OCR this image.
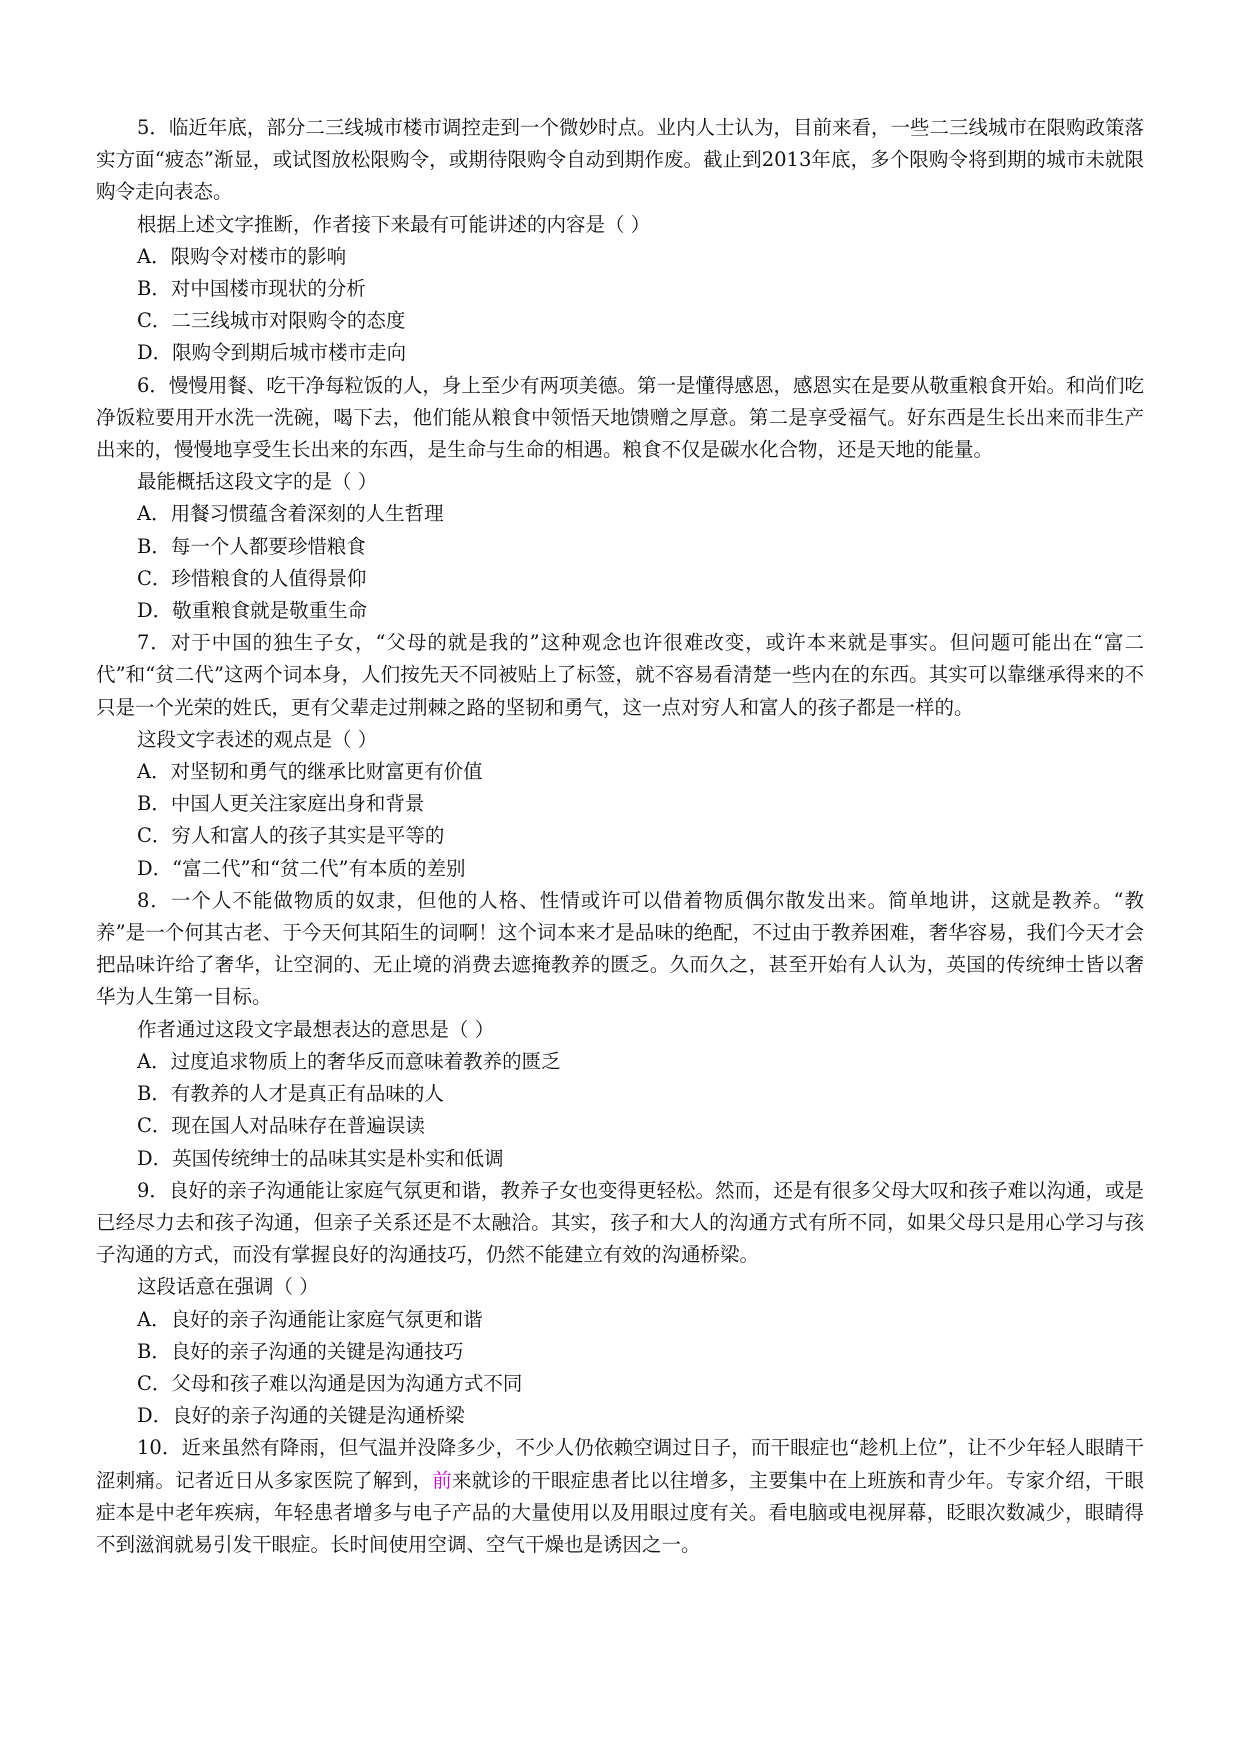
5．临近年底，部分二三线城市楼市调控走到一个微妙时点。业内人士认为，目前来看，一些二三线城市在限购政策落实方面“疲态”渐显，或试图放松限购令，或期待限购令自动到期作废。截止到2013年底，多个限购令将到期的城市未就限购令走向表态。

根据上述文字推断，作者接下来最有可能讲述的内容是（ ）

A．限购令对楼市的影响

B．对中国楼市现状的分析

C．二三线城市对限购令的态度

D．限购令到期后城市楼市走向

6．慢慢用餐、吃干净每粒饭的人，身上至少有两项美德。第一是懂得感恩，感恩实在是要从敬重粮食开始。和尚们吃净饭粒要用开水洗一洗碗，喝下去，他们能从粮食中领悟天地馈赠之厚意。第二是享受福气。好东西是生长出来而非生产出来的，慢慢地享受生长出来的东西，是生命与生命的相遇。粮食不仅是碳水化合物，还是天地的能量。

最能概括这段文字的是（ ）

A．用餐习惯蕴含着深刻的人生哲理

B．每一个人都要珍惜粮食

C．珍惜粮食的人值得景仰

D．敬重粮食就是敬重生命

7．对于中国的独生子女，“父母的就是我的”这种观念也许很难改变，或许本来就是事实。但问题可能出在“富二代”和“贫二代”这两个词本身，人们按先天不同被贴上了标签，就不容易看清楚一些内在的东西。其实可以靠继承得来的不只是一个光荣的姓氏，更有父辈走过荆棘之路的坚韧和勇气，这一点对穷人和富人的孩子都是一样的。

这段文字表述的观点是（ ）

A．对坚韧和勇气的继承比财富更有价值

B．中国人更关注家庭出身和背景

C．穷人和富人的孩子其实是平等的

D．“富二代”和“贫二代”有本质的差别

8．一个人不能做物质的奴隶，但他的人格、性情或许可以借着物质偶尔散发出来。简单地讲，这就是教养。“教养”是一个何其古老、于今天何其陌生的词啊！这个词本来才是品味的绝配，不过由于教养困难，奢华容易，我们今天才会把品味许给了奢华，让空洞的、无止境的消费去遮掩教养的匮乏。久而久之，甚至开始有人认为，英国的传统绅士皆以奢华为人生第一目标。

作者通过这段文字最想表达的意思是（ ）

A．过度追求物质上的奢华反而意味着教养的匮乏

B．有教养的人才是真正有品味的人

C．现在国人对品味存在普遍误读

D．英国传统绅士的品味其实是朴实和低调

9．良好的亲子沟通能让家庭气氛更和谐，教养子女也变得更轻松。然而，还是有很多父母大叹和孩子难以沟通，或是已经尽力去和孩子沟通，但亲子关系还是不太融洽。其实，孩子和大人的沟通方式有所不同，如果父母只是用心学习与孩子沟通的方式，而没有掌握良好的沟通技巧，仍然不能建立有效的沟通桥梁。

这段话意在强调（ ）

A．良好的亲子沟通能让家庭气氛更和谐

B．良好的亲子沟通的关键是沟通技巧

C．父母和孩子难以沟通是因为沟通方式不同

D．良好的亲子沟通的关键是沟通桥梁

10．近来虽然有降雨，但气温并没降多少，不少人仍依赖空调过日子，而干眼症也“趁机上位”，让不少年轻人眼睛干涩刺痛。记者近日从多家医院了解到，前来就诊的干眼症患者比以往增多，主要集中在上班族和青少年。专家介绍，干眼症本是中老年疾病，年轻患者增多与电子产品的大量使用以及用眼过度有关。看电脑或电视屏幕，眨眼次数减少，眼睛得不到滋润就易引发干眼症。长时间使用空调、空气干燥也是诱因之一。
